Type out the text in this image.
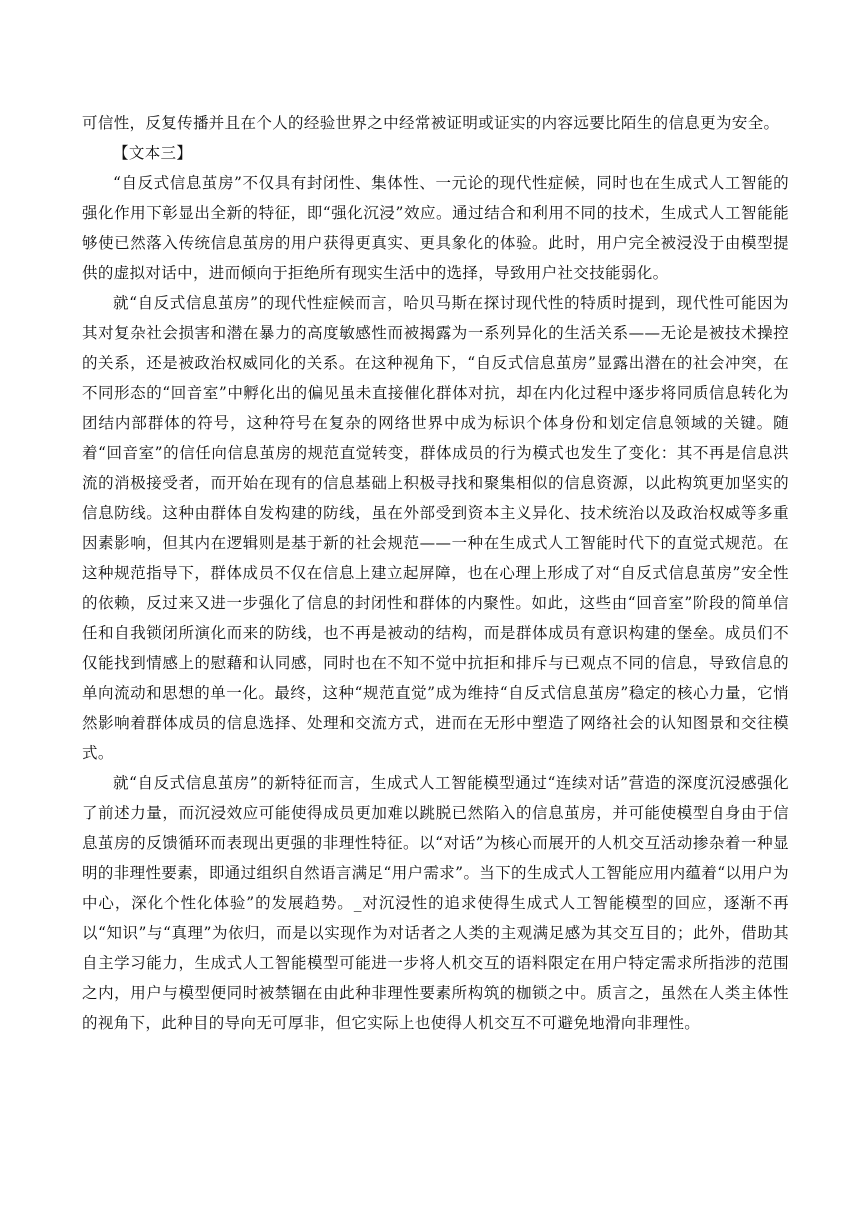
可信性，反复传播并且在个人的经验世界之中经常被证明或证实的内容远要比陌生的信息更为安全。

【文本三】

“自反式信息茧房”不仅具有封闭性、集体性、一元论的现代性症候，同时也在生成式人工智能的强化作用下彰显出全新的特征，即“强化沉浸”效应。通过结合和利用不同的技术，生成式人工智能能够使已然落入传统信息茧房的用户获得更真实、更具象化的体验。此时，用户完全被浸没于由模型提供的虚拟对话中，进而倾向于拒绝所有现实生活中的选择，导致用户社交技能弱化。

就“自反式信息茧房”的现代性症候而言，哈贝马斯在探讨现代性的特质时提到，现代性可能因为其对复杂社会损害和潜在暴力的高度敏感性而被揭露为一系列异化的生活关系——无论是被技术操控的关系，还是被政治权威同化的关系。在这种视角下，“自反式信息茧房”显露出潜在的社会冲突，在不同形态的“回音室”中孵化出的偏见虽未直接催化群体对抗，却在内化过程中逐步将同质信息转化为团结内部群体的符号，这种符号在复杂的网络世界中成为标识个体身份和划定信息领域的关键。随着“回音室”的信任向信息茧房的规范直觉转变，群体成员的行为模式也发生了变化：其不再是信息洪流的消极接受者，而开始在现有的信息基础上积极寻找和聚集相似的信息资源，以此构筑更加坚实的信息防线。这种由群体自发构建的防线，虽在外部受到资本主义异化、技术统治以及政治权威等多重因素影响，但其内在逻辑则是基于新的社会规范——一种在生成式人工智能时代下的直觉式规范。在这种规范指导下，群体成员不仅在信息上建立起屏障，也在心理上形成了对“自反式信息茧房”安全性的依赖，反过来又进一步强化了信息的封闭性和群体的内聚性。如此，这些由“回音室”阶段的简单信任和自我锁闭所演化而来的防线，也不再是被动的结构，而是群体成员有意识构建的堡垒。成员们不仅能找到情感上的慰藉和认同感，同时也在不知不觉中抗拒和排斥与已观点不同的信息，导致信息的单向流动和思想的单一化。最终，这种“规范直觉”成为维持“自反式信息茧房”稳定的核心力量，它悄然影响着群体成员的信息选择、处理和交流方式，进而在无形中塑造了网络社会的认知图景和交往模式。

就“自反式信息茧房”的新特征而言，生成式人工智能模型通过“连续对话”营造的深度沉浸感强化了前述力量，而沉浸效应可能使得成员更加难以跳脱已然陷入的信息茧房，并可能使模型自身由于信息茧房的反馈循环而表现出更强的非理性特征。以“对话”为核心而展开的人机交互活动掺杂着一种显明的非理性要素，即通过组织自然语言满足“用户需求”。当下的生成式人工智能应用内蕴着“以用户为中心，深化个性化体验”的发展趋势。_对沉浸性的追求使得生成式人工智能模型的回应，逐渐不再以“知识”与“真理”为依归，而是以实现作为对话者之人类的主观满足感为其交互目的；此外，借助其自主学习能力，生成式人工智能模型可能进一步将人机交互的语料限定在用户特定需求所指涉的范围之内，用户与模型便同时被禁锢在由此种非理性要素所构筑的枷锁之中。质言之，虽然在人类主体性的视角下，此种目的导向无可厚非，但它实际上也使得人机交互不可避免地滑向非理性。
